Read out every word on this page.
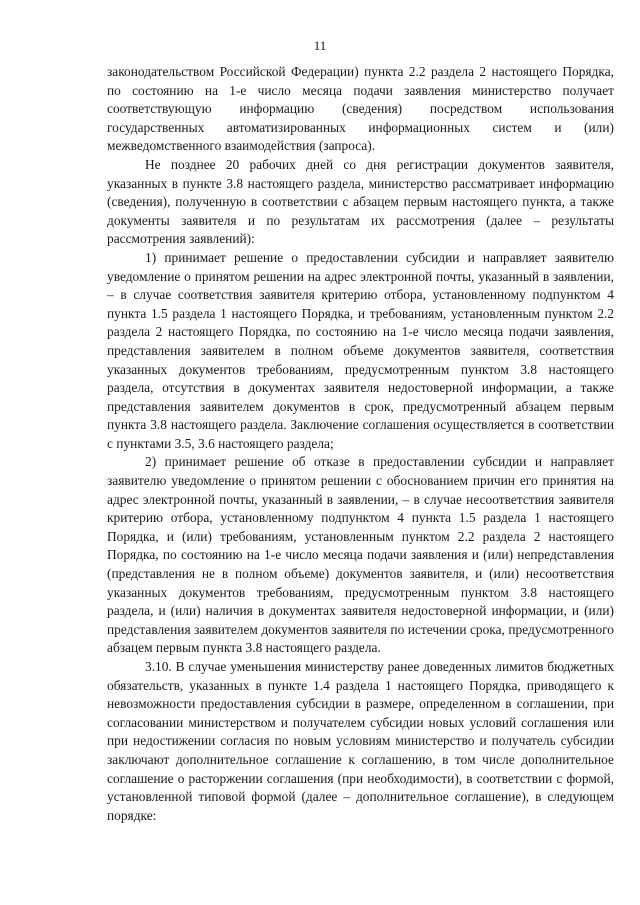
11

законодательством Российской Федерации) пункта 2.2 раздела 2 настоящего Порядка, по состоянию на 1-е число месяца подачи заявления министерство получает соответствующую информацию (сведения) посредством использования государственных автоматизированных информационных систем и (или) межведомственного взаимодействия (запроса).

Не позднее 20 рабочих дней со дня регистрации документов заявителя, указанных в пункте 3.8 настоящего раздела, министерство рассматривает информацию (сведения), полученную в соответствии с абзацем первым настоящего пункта, а также документы заявителя и по результатам их рассмотрения (далее – результаты рассмотрения заявлений):

1) принимает решение о предоставлении субсидии и направляет заявителю уведомление о принятом решении на адрес электронной почты, указанный в заявлении, – в случае соответствия заявителя критерию отбора, установленному подпунктом 4 пункта 1.5 раздела 1 настоящего Порядка, и требованиям, установленным пунктом 2.2 раздела 2 настоящего Порядка, по состоянию на 1-е число месяца подачи заявления, представления заявителем в полном объеме документов заявителя, соответствия указанных документов требованиям, предусмотренным пунктом 3.8 настоящего раздела, отсутствия в документах заявителя недостоверной информации, а также представления заявителем документов в срок, предусмотренный абзацем первым пункта 3.8 настоящего раздела. Заключение соглашения осуществляется в соответствии с пунктами 3.5, 3.6 настоящего раздела;

2) принимает решение об отказе в предоставлении субсидии и направляет заявителю уведомление о принятом решении с обоснованием причин его принятия на адрес электронной почты, указанный в заявлении, – в случае несоответствия заявителя критерию отбора, установленному подпунктом 4 пункта 1.5 раздела 1 настоящего Порядка, и (или) требованиям, установленным пунктом 2.2 раздела 2 настоящего Порядка, по состоянию на 1-е число месяца подачи заявления и (или) непредставления (представления не в полном объеме) документов заявителя, и (или) несоответствия указанных документов требованиям, предусмотренным пунктом 3.8 настоящего раздела, и (или) наличия в документах заявителя недостоверной информации, и (или) представления заявителем документов заявителя по истечении срока, предусмотренного абзацем первым пункта 3.8 настоящего раздела.

3.10. В случае уменьшения министерству ранее доведенных лимитов бюджетных обязательств, указанных в пункте 1.4 раздела 1 настоящего Порядка, приводящего к невозможности предоставления субсидии в размере, определенном в соглашении, при согласовании министерством и получателем субсидии новых условий соглашения или при недостижении согласия по новым условиям министерство и получатель субсидии заключают дополнительное соглашение к соглашению, в том числе дополнительное соглашение о расторжении соглашения (при необходимости), в соответствии с формой, установленной типовой формой (далее – дополнительное соглашение), в следующем порядке:
